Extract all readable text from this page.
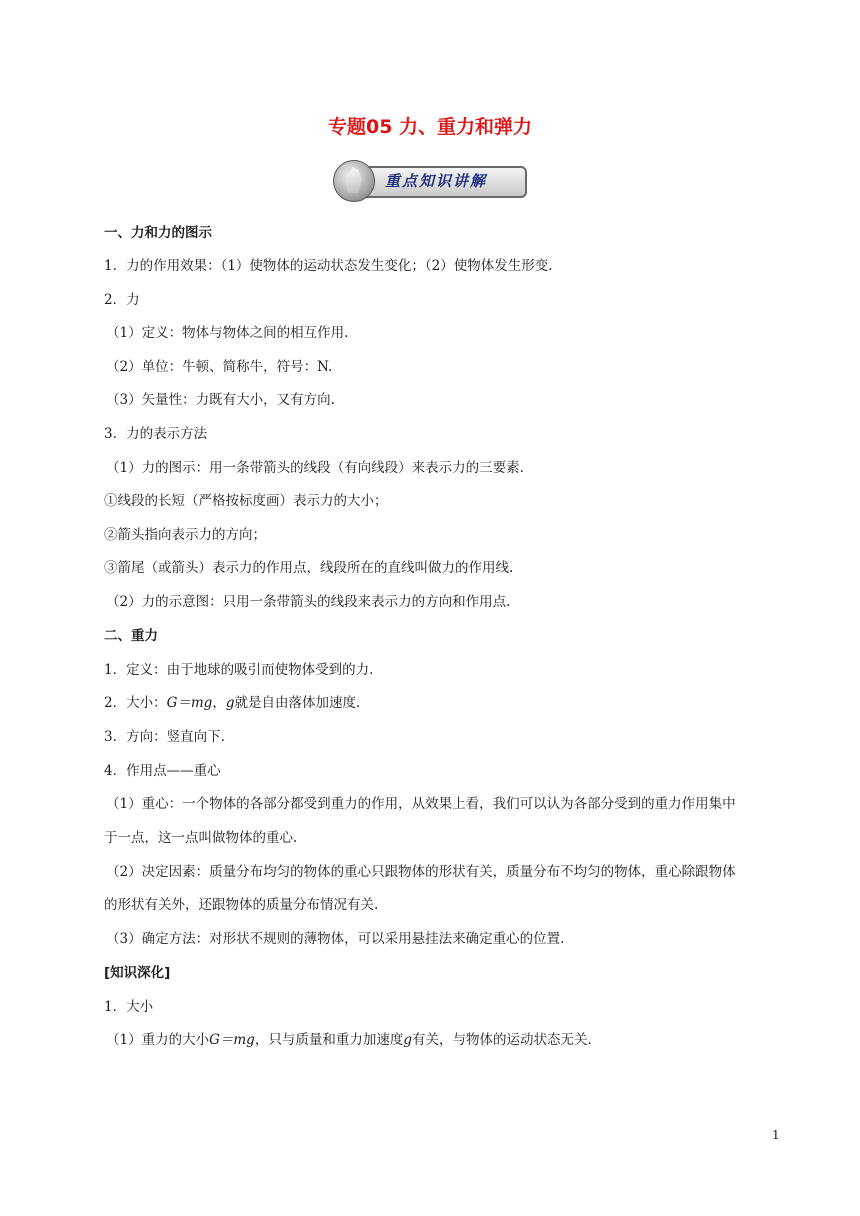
专题05 力、重力和弹力
重点知识讲解
一、力和力的图示
1．力的作用效果：（1）使物体的运动状态发生变化；（2）使物体发生形变.
2．力
（1）定义：物体与物体之间的相互作用.
（2）单位：牛顿、简称牛，符号：N.
（3）矢量性：力既有大小，又有方向.
3．力的表示方法
（1）力的图示：用一条带箭头的线段（有向线段）来表示力的三要素.
①线段的长短（严格按标度画）表示力的大小；
②箭头指向表示力的方向；
③箭尾（或箭头）表示力的作用点，线段所在的直线叫做力的作用线.
（2）力的示意图：只用一条带箭头的线段来表示力的方向和作用点.
二、重力
1．定义：由于地球的吸引而使物体受到的力.
2．大小：G＝mg，g就是自由落体加速度.
3．方向：竖直向下.
4．作用点——重心
（1）重心：一个物体的各部分都受到重力的作用，从效果上看，我们可以认为各部分受到的重力作用集中
于一点，这一点叫做物体的重心.
（2）决定因素：质量分布均匀的物体的重心只跟物体的形状有关，质量分布不均匀的物体，重心除跟物体
的形状有关外，还跟物体的质量分布情况有关.
（3）确定方法：对形状不规则的薄物体，可以采用悬挂法来确定重心的位置.
[知识深化]
1．大小
（1）重力的大小G＝mg，只与质量和重力加速度g有关，与物体的运动状态无关.
1
